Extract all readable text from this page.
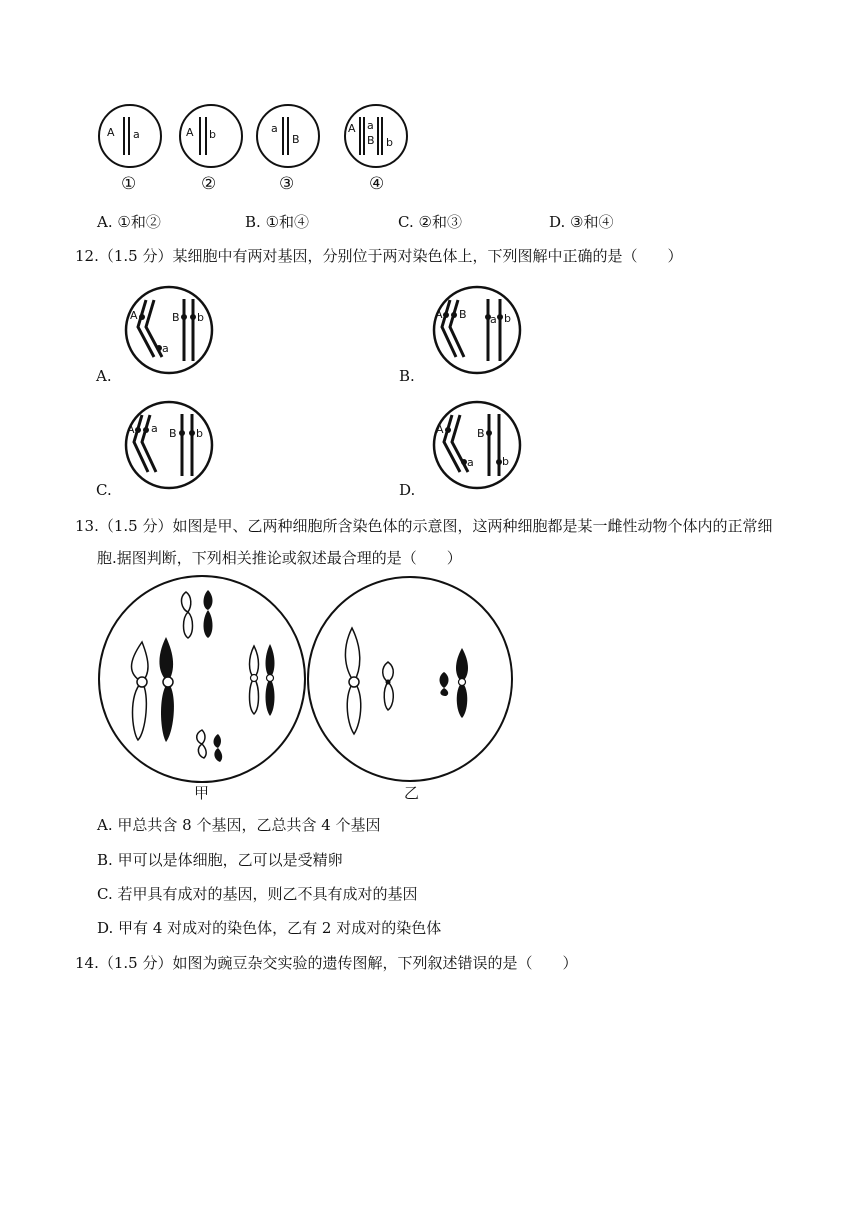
A a	A b	a
B
A a
B b
①	②	③	④
A. ①和②	B. ①和④	C. ②和③	D. ③和④
12.（1.5 分）某细胞中有两对基因，分别位于两对染色体上，下列图解中正确的是（　　）
A.
A
a
B b
B.
A B a b
C.
A a B b
D.
A
a
B
b
13.（1.5 分）如图是甲、乙两种细胞所含染色体的示意图，这两种细胞都是某一雌性动物个体内的正常细
胞.据图判断，下列相关推论或叙述最合理的是（　　）
甲	乙
A. 甲总共含 8 个基因，乙总共含 4 个基因
B. 甲可以是体细胞，乙可以是受精卵
C. 若甲具有成对的基因，则乙不具有成对的基因
D. 甲有 4 对成对的染色体，乙有 2 对成对的染色体
14.（1.5 分）如图为豌豆杂交实验的遗传图解，下列叙述错误的是（　　）
